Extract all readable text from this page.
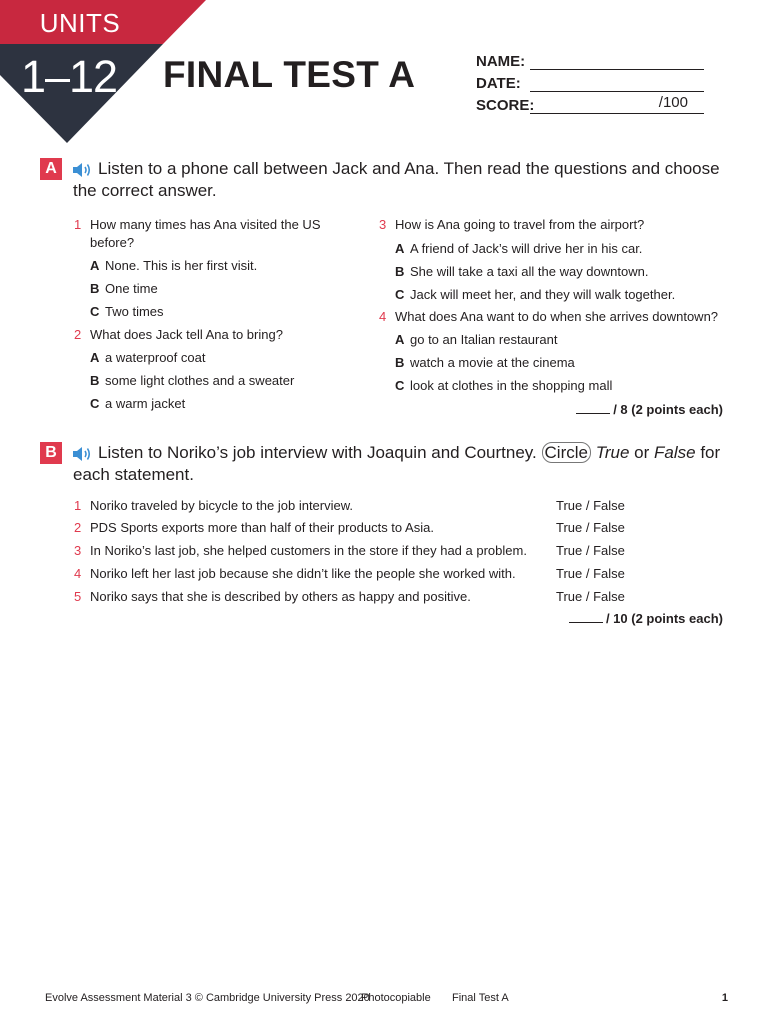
UNITS
1–12	FINAL TEST A	NAME:
DATE:
SCORE:	/100
A	Listen to a phone call between Jack and Ana. Then read the questions and choose
the correct answer.
1 How many times has Ana visited the US
before?
A None. This is her first visit.
B One time
C Two times
2 What does Jack tell Ana to bring?
A a waterproof coat
B some light clothes and a sweater
C a warm jacket
3 How is Ana going to travel from the airport?
A A friend of Jack’s will drive her in his car.
B She will take a taxi all the way downtown.
C Jack will meet her, and they will walk together.
4 What does Ana want to do when she arrives downtown?
A go to an Italian restaurant
B watch a movie at the cinema
C look at clothes in the shopping mall
/ 8 (2 points each)
B	Listen to Noriko’s job interview with Joaquin and Courtney. Circle True or False for
each statement.
1 Noriko traveled by bicycle to the job interview.	True / False
2 PDS Sports exports more than half of their products to Asia.	True / False
3 In Noriko’s last job, she helped customers in the store if they had a problem. True / False
4 Noriko left her last job because she didn’t like the people she worked with.	True / False
5 Noriko says that she is described by others as happy and positive.	True / False
/ 10 (2 points each)
Evolve Assessment Material 3 © Cambridge University Press 2020
Photocopiable Final Test A	1
